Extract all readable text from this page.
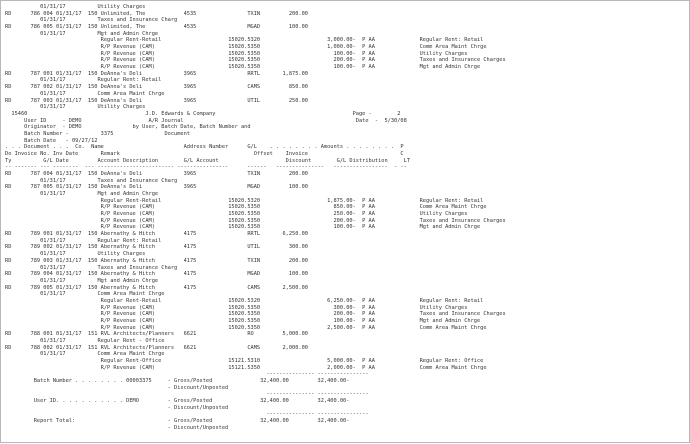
01/31/17          Utility Charges
RD      786 004 01/31/17  150 Unlimited, The            4535                TXIN         200.00
01/31/17          Taxes and Insurance Charg
RD      786 005 01/31/17  150 Unlimited, The            4535                MGAD         100.00
01/31/17          Mgt and Admin Chrge
Regular Rent-Retail                     15020.5320                     3,000.00-  P AA              Regular Rent: Retail
R/P Revenue (CAM)                       15020.5350                     1,000.00-  P AA              Comm Area Maint Chrge
R/P Revenue (CAM)                       15020.5350                       100.00-  P AA              Utility Charges
R/P Revenue (CAM)                       15020.5350                       200.00-  P AA              Taxes and Insurance Charges
R/P Revenue (CAM)                       15020.5350                       100.00-  P AA              Mgt and Admin Chrge
RD      787 001 01/31/17  150 DeAnna's Deli             3965                RRTL       1,875.00
01/31/17          Regular Rent: Retail
RD      787 002 01/31/17  150 DeAnna's Deli             3965                CAMS         850.00
01/31/17          Comm Area Maint Chrge
RD      787 003 01/31/17  150 DeAnna's Deli             3965                UTIL         250.00
01/31/17          Utility Charges
15460                                     J.D. Edwards & Company                                           Page -        2
User ID     - DEMO                     A/R Journal                                                      Date  -  5/30/08
Originator  - DEMO                by User, Batch Date, Batch Number and
Batch Number -          3375                Document
Batch Date   - 09/27/12
. . . Document . . .  Co.  Name                         Address Number      G/L    . . . . . . . . Amounts . . . . . . . .  P
Do Invoice No. Inv Date       Remark                                          Offset    Invoice                             C
Ty          G/L Date         Account Description        G/L Account                     Discount        G/L Distribution     LT
-- ------- --- --------  --- ------------------------ ----------------      ------   ---------------   -----------------  - --
RD      787 004 01/31/17  150 DeAnna's Deli             3965                TXIN         200.00
01/31/17          Taxes and Insurance Charg
RD      787 005 01/31/17  150 DeAnna's Deli             3965                MGAD         100.00
01/31/17          Mgt and Admin Chrge
Regular Rent-Retail                     15020.5320                     1,875.00-  P AA              Regular Rent: Retail
R/P Revenue (CAM)                       15020.5350                       850.00-  P AA              Comm Area Maint Chrge
R/P Revenue (CAM)                       15020.5350                       250.00-  P AA              Utility Charges
R/P Revenue (CAM)                       15020.5350                       200.00-  P AA              Taxes and Insurance Charges
R/P Revenue (CAM)                       15020.5350                       100.00-  P AA              Mgt and Admin Chrge
RD      789 001 01/31/17  150 Abernathy & Hitch         4175                RRTL       6,250.00
01/31/17          Regular Rent: Retail
RD      789 002 01/31/17  150 Abernathy & Hitch         4175                UTIL         300.00
01/31/17          Utility Charges
RD      789 003 01/31/17  150 Abernathy & Hitch         4175                TXIN         200.00
01/31/17          Taxes and Insurance Charg
RD      789 004 01/31/17  150 Abernathy & Hitch         4175                MGAD         100.00
01/31/17          Mgt and Admin Chrge
RD      789 005 01/31/17  150 Abernathy & Hitch         4175                CAMS       2,500.00
01/31/17          Comm Area Maint Chrge
Regular Rent-Retail                     15020.5320                     6,250.00-  P AA              Regular Rent: Retail
R/P Revenue (CAM)                       15020.5350                       300.00-  P AA              Utility Charges
R/P Revenue (CAM)                       15020.5350                       200.00-  P AA              Taxes and Insurance Charges
R/P Revenue (CAM)                       15020.5350                       100.00-  P AA              Mgt and Admin Chrge
R/P Revenue (CAM)                       15020.5350                     2,500.00-  P AA              Comm Area Maint Chrge
RD      788 001 01/31/17  151 RVL Architects/Planners   6621                RO         5,000.00
01/31/17          Regular Rent - Office
RD      788 002 01/31/17  151 RVL Architects/Planners   6621                CAMS       2,000.00
01/31/17          Comm Area Maint Chrge
Regular Rent-Office                     15121.5310                     5,000.00-  P AA              Regular Rent: Office
R/P Revenue (CAM)                       15121.5350                     2,000.00-  P AA              Comm Area Maint Chrge
--------------- ----------------
Batch Number . . . . . . . . 00003375     - Gross/Posted               32,400.00         32,400.00-
- Discount/Unposted
--------------- ----------------
User ID. . . . . . . . . . . DEMO         - Gross/Posted               32,400.00         32,400.00-
- Discount/Unposted
--------------- ----------------
Report Total:                             - Gross/Posted               32,400.00         32,400.00-
- Discount/Unposted
